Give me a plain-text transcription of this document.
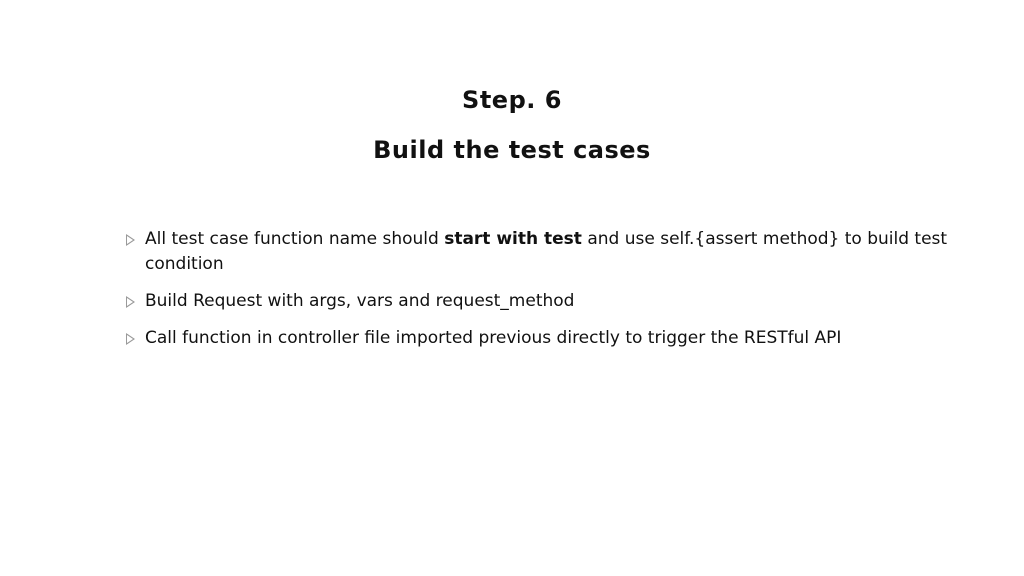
Step. 6
Build the test cases
All test case function name should start with test and use self.{assert method} to build test condition
Build Request with args, vars and request_method
Call function in controller file imported previous directly to trigger the RESTful API
